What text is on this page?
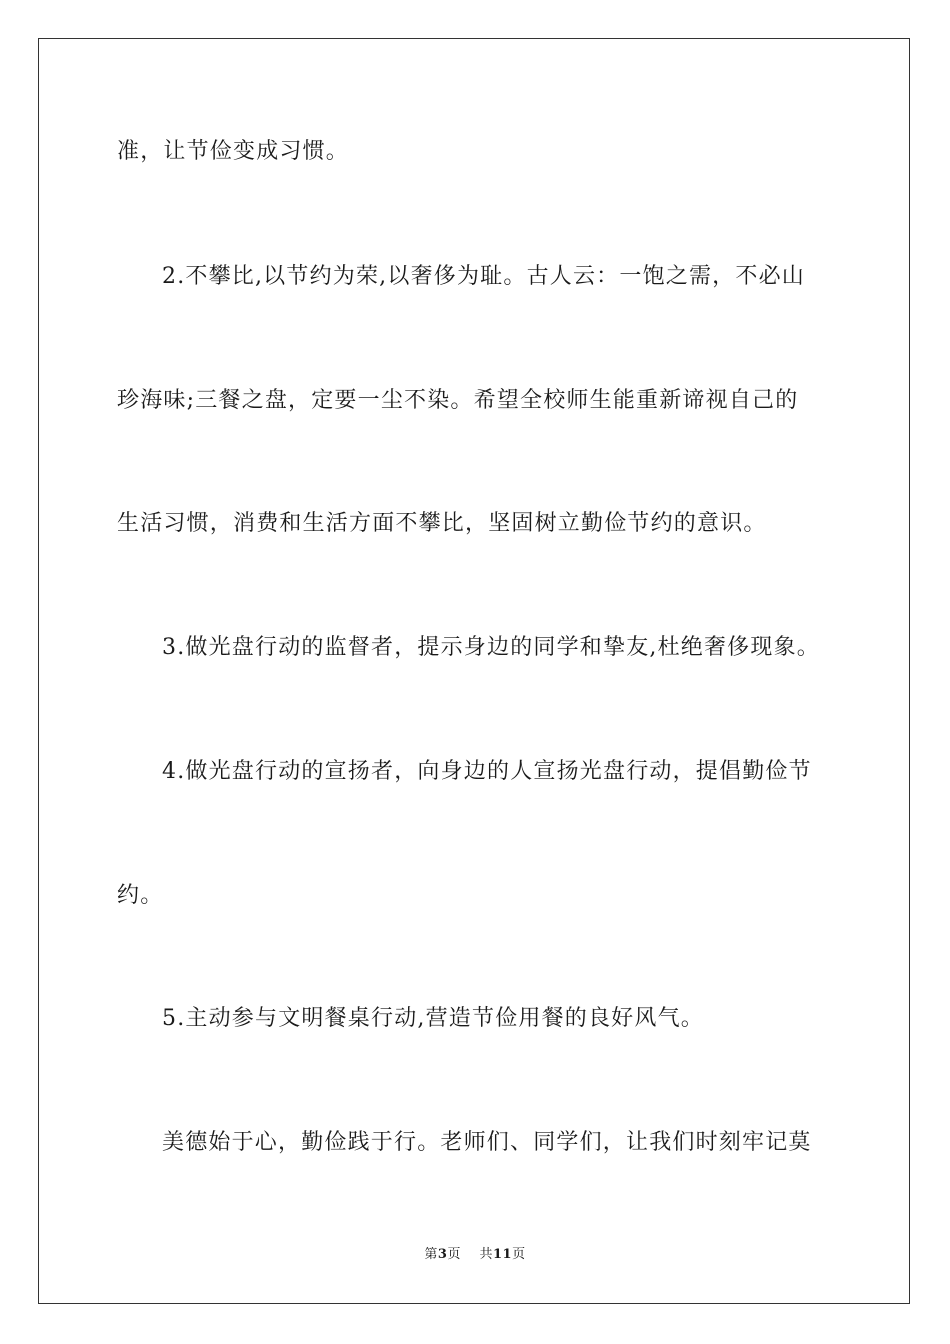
准，让节俭变成习惯。
2.不攀比,以节约为荣,以奢侈为耻。古人云：一饱之需，不必山
珍海味;三餐之盘，定要一尘不染。希望全校师生能重新谛视自己的
生活习惯，消费和生活方面不攀比，坚固树立勤俭节约的意识。
3.做光盘行动的监督者，提示身边的同学和挚友,杜绝奢侈现象。
4.做光盘行动的宣扬者，向身边的人宣扬光盘行动，提倡勤俭节
约。
5.主动参与文明餐桌行动,营造节俭用餐的良好风气。
美德始于心，勤俭践于行。老师们、同学们，让我们时刻牢记莫
第3页 共11页
